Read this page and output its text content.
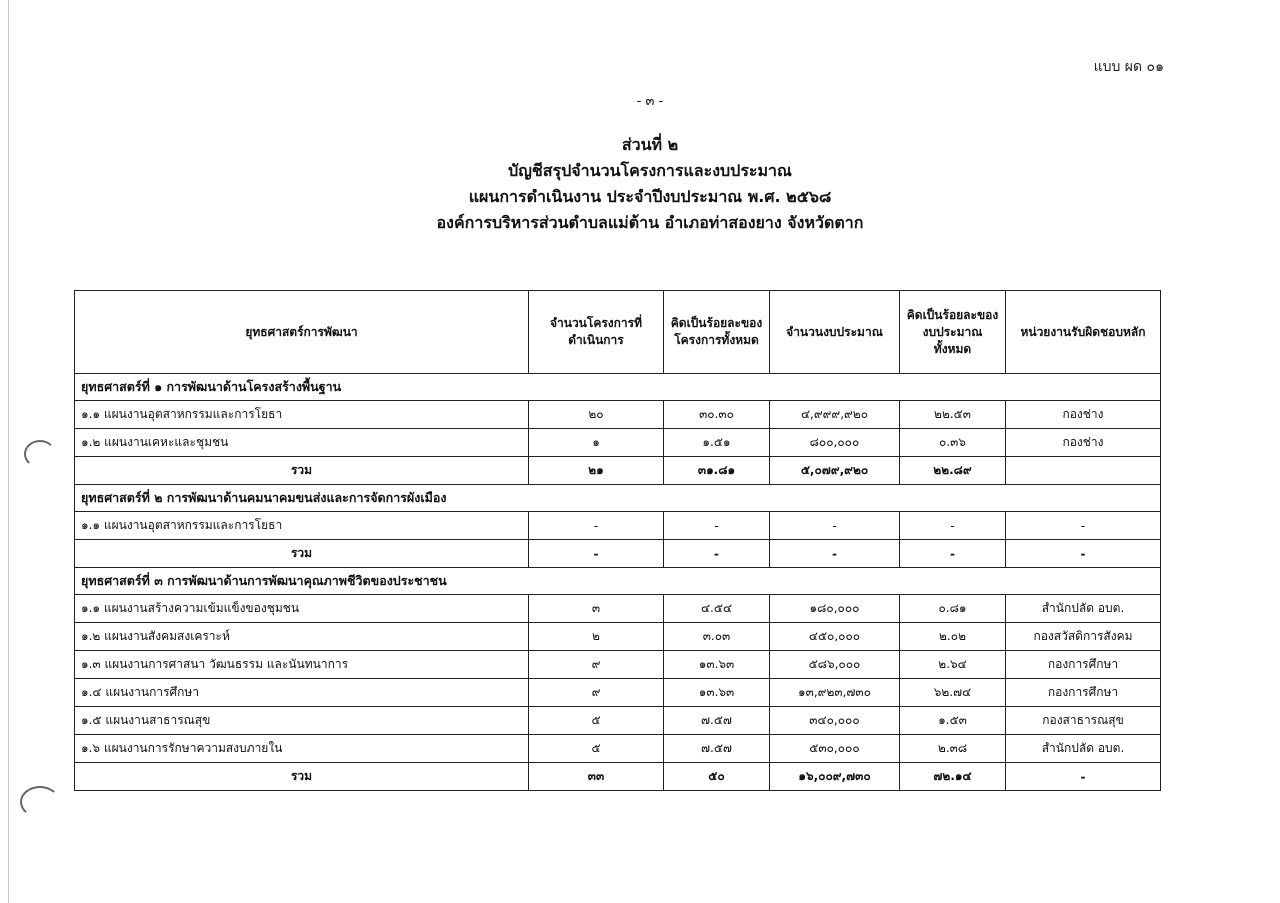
แบบ ผด ๐๑
- ๓ -
ส่วนที่ ๒
บัญชีสรุปจำนวนโครงการและงบประมาณ
แผนการดำเนินงาน ประจำปีงบประมาณ พ.ศ. ๒๕๖๘
องค์การบริหารส่วนตำบลแม่ต้าน อำเภอท่าสองยาง จังหวัดตาก
ยุทธศาสตร์การพัฒนา	จำนวนโครงการที่ดำเนินการ	คิดเป็นร้อยละของโครงการทั้งหมด	จำนวนงบประมาณ	คิดเป็นร้อยละของงบประมาณทั้งหมด	หน่วยงานรับผิดชอบหลัก
ยุทธศาสตร์ที่ ๑ การพัฒนาด้านโครงสร้างพื้นฐาน					
๑.๑ แผนงานอุตสาหกรรมและการโยธา	๒๐	๓๐.๓๐	๔,๙๙๙,๙๒๐	๒๒.๕๓	กองช่าง
๑.๒ แผนงานเคหะและชุมชน	๑	๑.๕๑	๘๐๐,๐๐๐	๐.๓๖	กองช่าง
รวม	๒๑	๓๑.๘๑	๕,๐๗๙,๙๒๐	๒๒.๘๙	
ยุทธศาสตร์ที่ ๒ การพัฒนาด้านคมนาคมขนส่งและการจัดการผังเมือง					
๑.๑ แผนงานอุตสาหกรรมและการโยธา	-	-	-	-	-
รวม	-	-	-	-	-
ยุทธศาสตร์ที่ ๓ การพัฒนาด้านการพัฒนาคุณภาพชีวิตของประชาชน					
๑.๑ แผนงานสร้างความเข้มแข็งของชุมชน	๓	๔.๕๔	๑๘๐,๐๐๐	๐.๘๑	สำนักปลัด อบต.
๑.๒ แผนงานสังคมสงเคราะห์	๒	๓.๐๓	๔๕๐,๐๐๐	๒.๐๒	กองสวัสดิการสังคม
๑.๓ แผนงานการศาสนา วัฒนธรรม และนันทนาการ	๙	๑๓.๖๓	๕๘๖,๐๐๐	๒.๖๔	กองการศึกษา
๑.๔ แผนงานการศึกษา	๙	๑๓.๖๓	๑๓,๙๒๓,๗๓๐	๖๒.๗๔	กองการศึกษา
๑.๕ แผนงานสาธารณสุข	๕	๗.๕๗	๓๔๐,๐๐๐	๑.๕๓	กองสาธารณสุข
๑.๖ แผนงานการรักษาความสงบภายใน	๕	๗.๕๗	๕๓๐,๐๐๐	๒.๓๘	สำนักปลัด อบต.
รวม	๓๓	๕๐	๑๖,๐๐๙,๗๓๐	๗๒.๑๔	-
